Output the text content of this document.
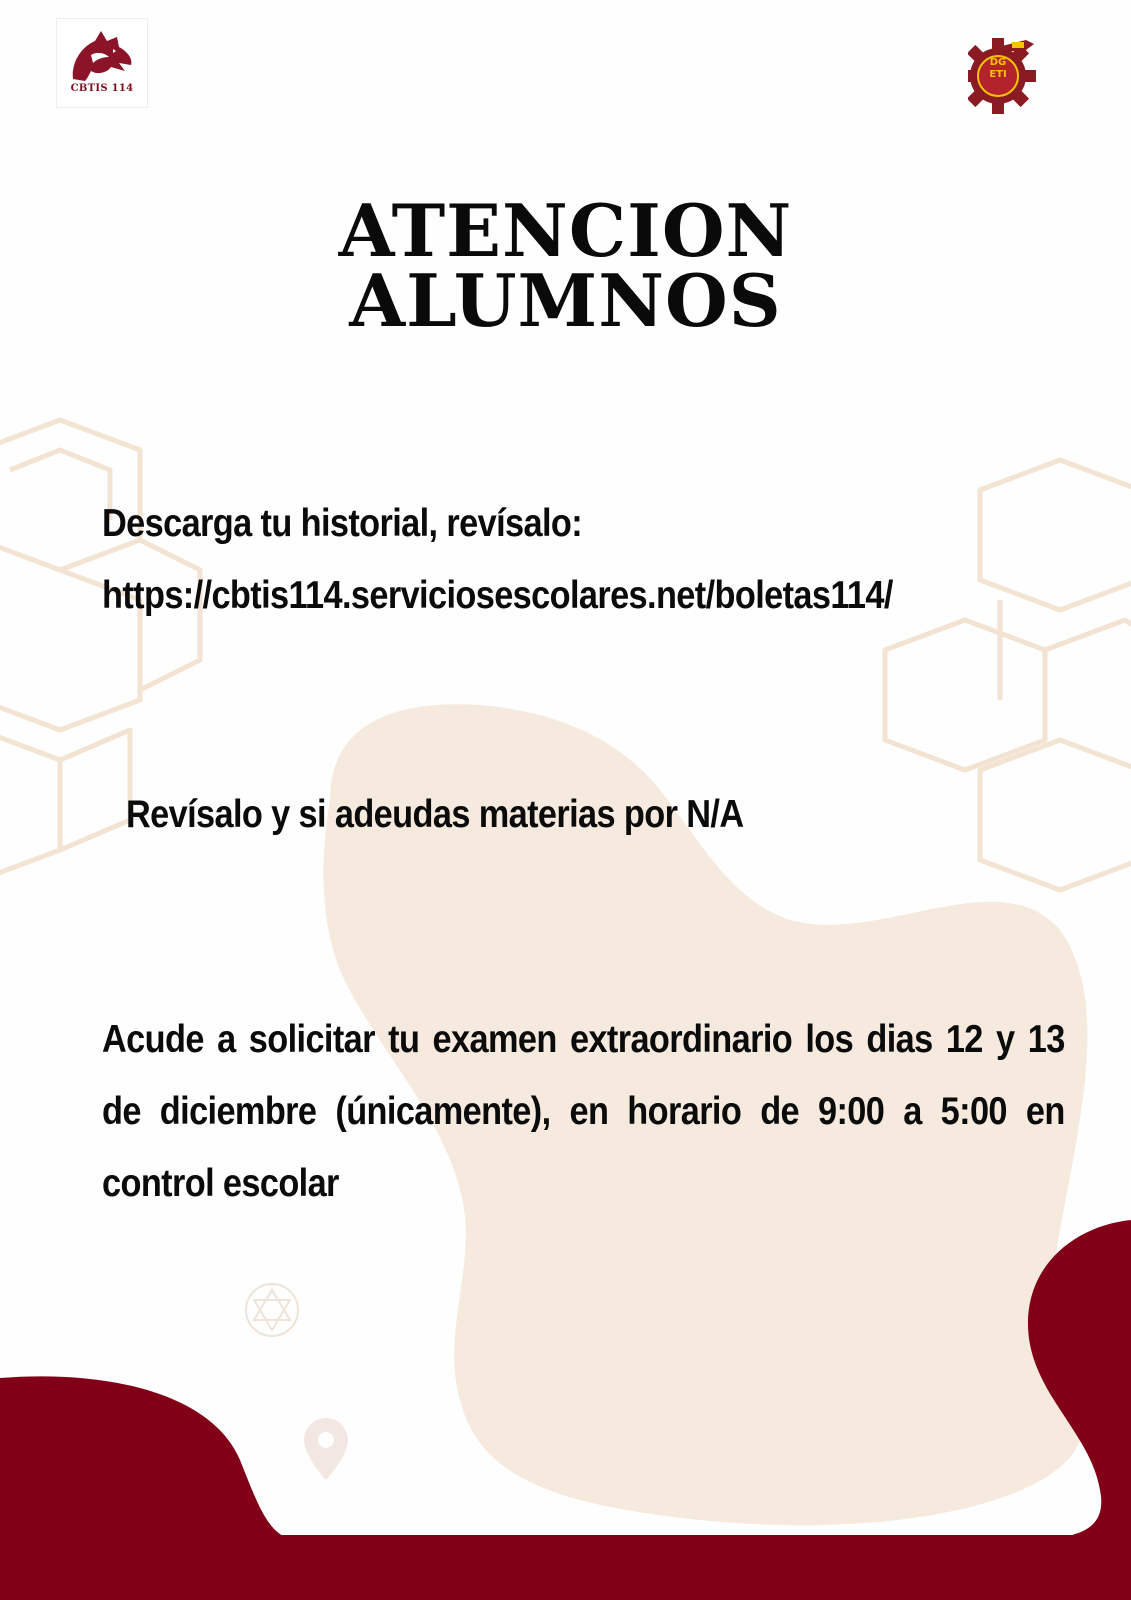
CBTIS 114
DG
ETI
ATENCION
ALUMNOS
Descarga tu historial, revísalo:
https://cbtis114.serviciosescolares.net/boletas114/
Revísalo y si adeudas materias por N/A
Acude a solicitar tu examen extraordinario los dias 12 y 13 de diciembre (únicamente), en horario de 9:00 a 5:00 en control escolar
